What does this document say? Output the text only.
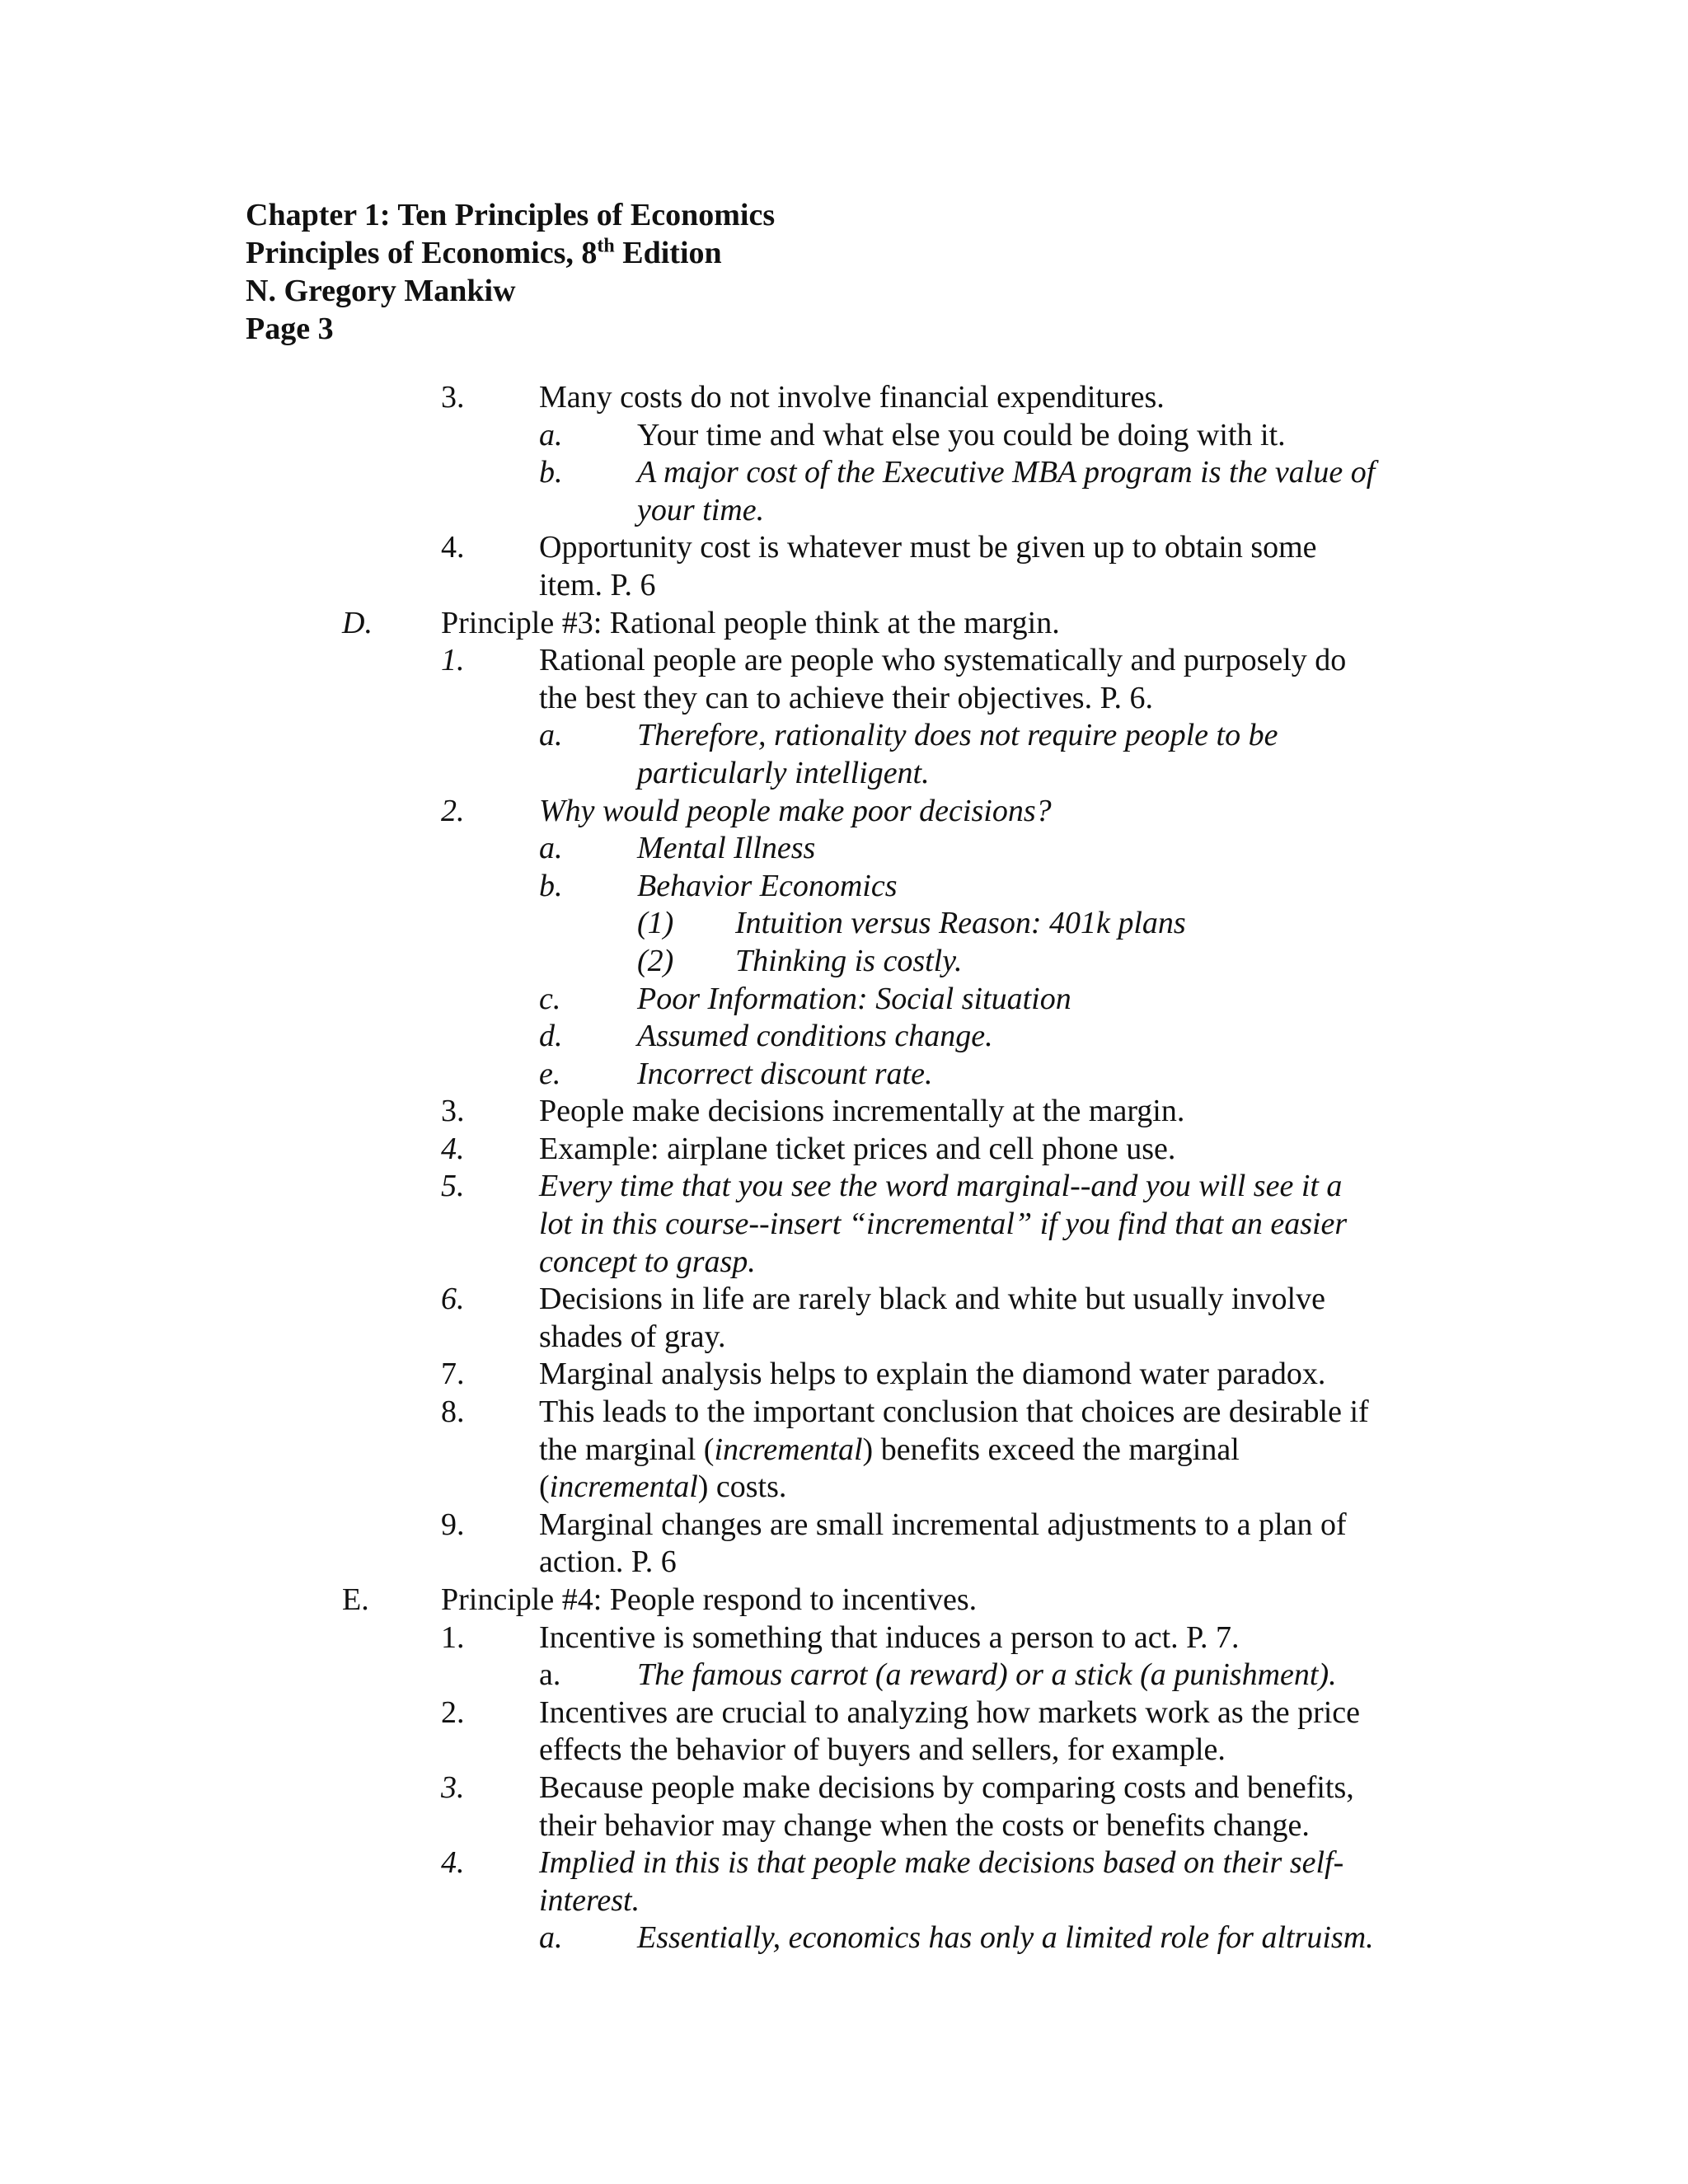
Chapter 1: Ten Principles of Economics
Principles of Economics, 8th Edition
N. Gregory Mankiw
Page 3
3. Many costs do not involve financial expenditures.
a. Your time and what else you could be doing with it.
b. A major cost of the Executive MBA program is the value of
your time.
4. Opportunity cost is whatever must be given up to obtain some
item. P. 6
D. Principle #3: Rational people think at the margin.
1. Rational people are people who systematically and purposely do
the best they can to achieve their objectives. P. 6.
a. Therefore, rationality does not require people to be
particularly intelligent.
2. Why would people make poor decisions?
a. Mental Illness
b. Behavior Economics
(1) Intuition versus Reason: 401k plans
(2) Thinking is costly.
c. Poor Information: Social situation
d. Assumed conditions change.
e. Incorrect discount rate.
3. People make decisions incrementally at the margin.
4. Example: airplane ticket prices and cell phone use.
5. Every time that you see the word marginal--and you will see it a
lot in this course--insert “incremental” if you find that an easier
concept to grasp.
6. Decisions in life are rarely black and white but usually involve
shades of gray.
7. Marginal analysis helps to explain the diamond water paradox.
8. This leads to the important conclusion that choices are desirable if
the marginal (incremental) benefits exceed the marginal
(incremental) costs.
9. Marginal changes are small incremental adjustments to a plan of
action. P. 6
E. Principle #4: People respond to incentives.
1. Incentive is something that induces a person to act. P. 7.
a. The famous carrot (a reward) or a stick (a punishment).
2. Incentives are crucial to analyzing how markets work as the price
effects the behavior of buyers and sellers, for example.
3. Because people make decisions by comparing costs and benefits,
their behavior may change when the costs or benefits change.
4. Implied in this is that people make decisions based on their self-
interest.
a. Essentially, economics has only a limited role for altruism.
